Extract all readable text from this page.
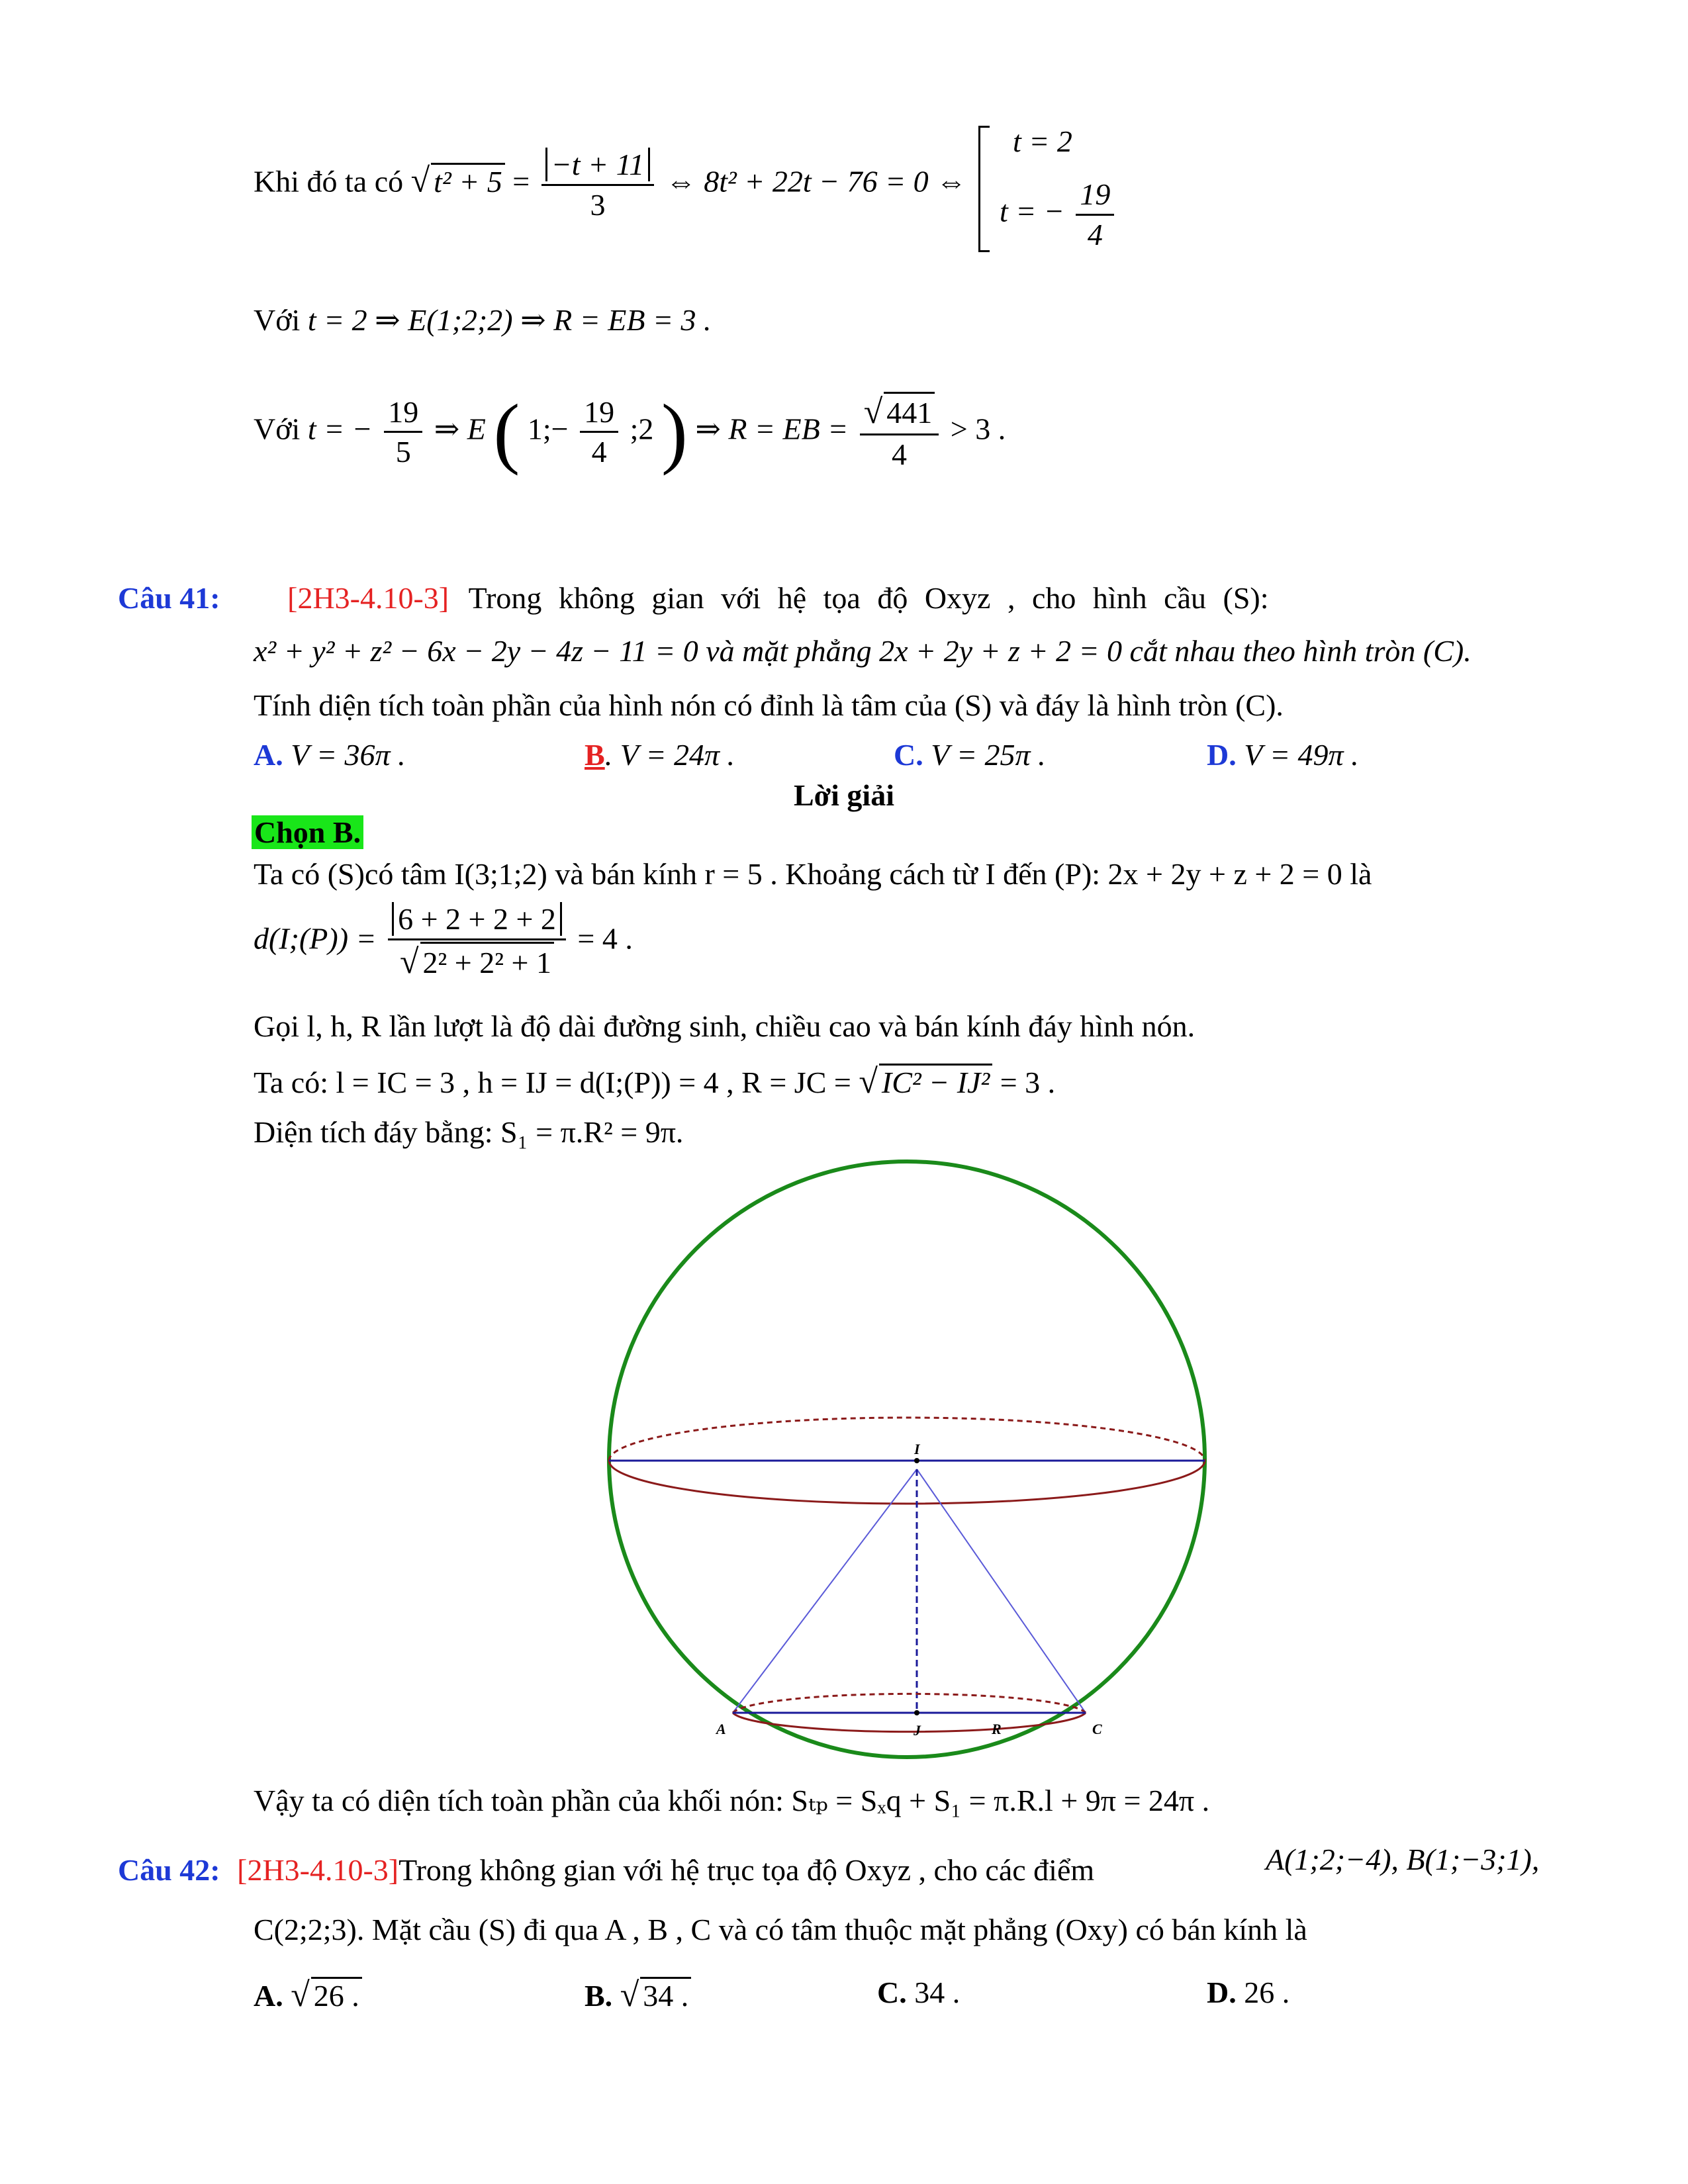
Khi đó ta có √ $t^2 + 5 = \frac{-t + 11}{3}$ ⇔ 8t² + 22t − 76 = 0 ⇔
t = 2
t = − $\frac{19}{4}$
Với t = 2 ⇒ E(1;2;2) ⇒ R = EB = 3 .
Với t = − $\frac{19}{5}$ ⇒ E ( 1;− $\frac{19}{4}$ ;2 ) ⇒ R = EB = $\frac{√ 441}{4} > 3$ .
Câu 41: [2H3-4.10-3] Trong không gian với hệ tọa độ Oxyz , cho hình cầu (S):
x² + y² + z² − 6x − 2y − 4z − 11 = 0 và mặt phẳng 2x + 2y + z + 2 = 0 cắt nhau theo hình tròn (C).
Tính diện tích toàn phần của hình nón có đỉnh là tâm của (S) và đáy là hình tròn (C).
A. V = 36π .	B. V = 24π .	C. V = 25π .	D. V = 49π .
Lời giải
Chọn B.
Ta có (S)có tâm I(3;1;2) và bán kính r = 5 . Khoảng cách từ I đến (P): 2x + 2y + z + 2 = 0 là
d(I;(P)) = $\frac{6 + 2 + 2 + 2}{\text{√ 2² + 2² + 1}} = 4$ .
Gọi l, h, R lần lượt là độ dài đường sinh, chiều cao và bán kính đáy hình nón.
Ta có: l = IC = 3 , h = IJ = d(I;(P)) = 4 , R = JC = √ IC² − IJ² = 3 .
Diện tích đáy bằng: S₁ = π.R² = 9π.
I
A	J	R	C
Vậy ta có diện tích toàn phần của khối nón: Sₜₚ = Sₓq + S₁ = π.R.l + 9π = 24π .
Câu 42: [2H3-4.10-3]Trong không gian với hệ trục tọa độ Oxyz , cho các điểm	A(1;2;−4), B(1;−3;1),
C(2;2;3). Mặt cầu (S) đi qua A , B , C và có tâm thuộc mặt phẳng (Oxy) có bán kính là
A. √ 26 .	B. √ 34 .	C. 34 .	D. 26 .
